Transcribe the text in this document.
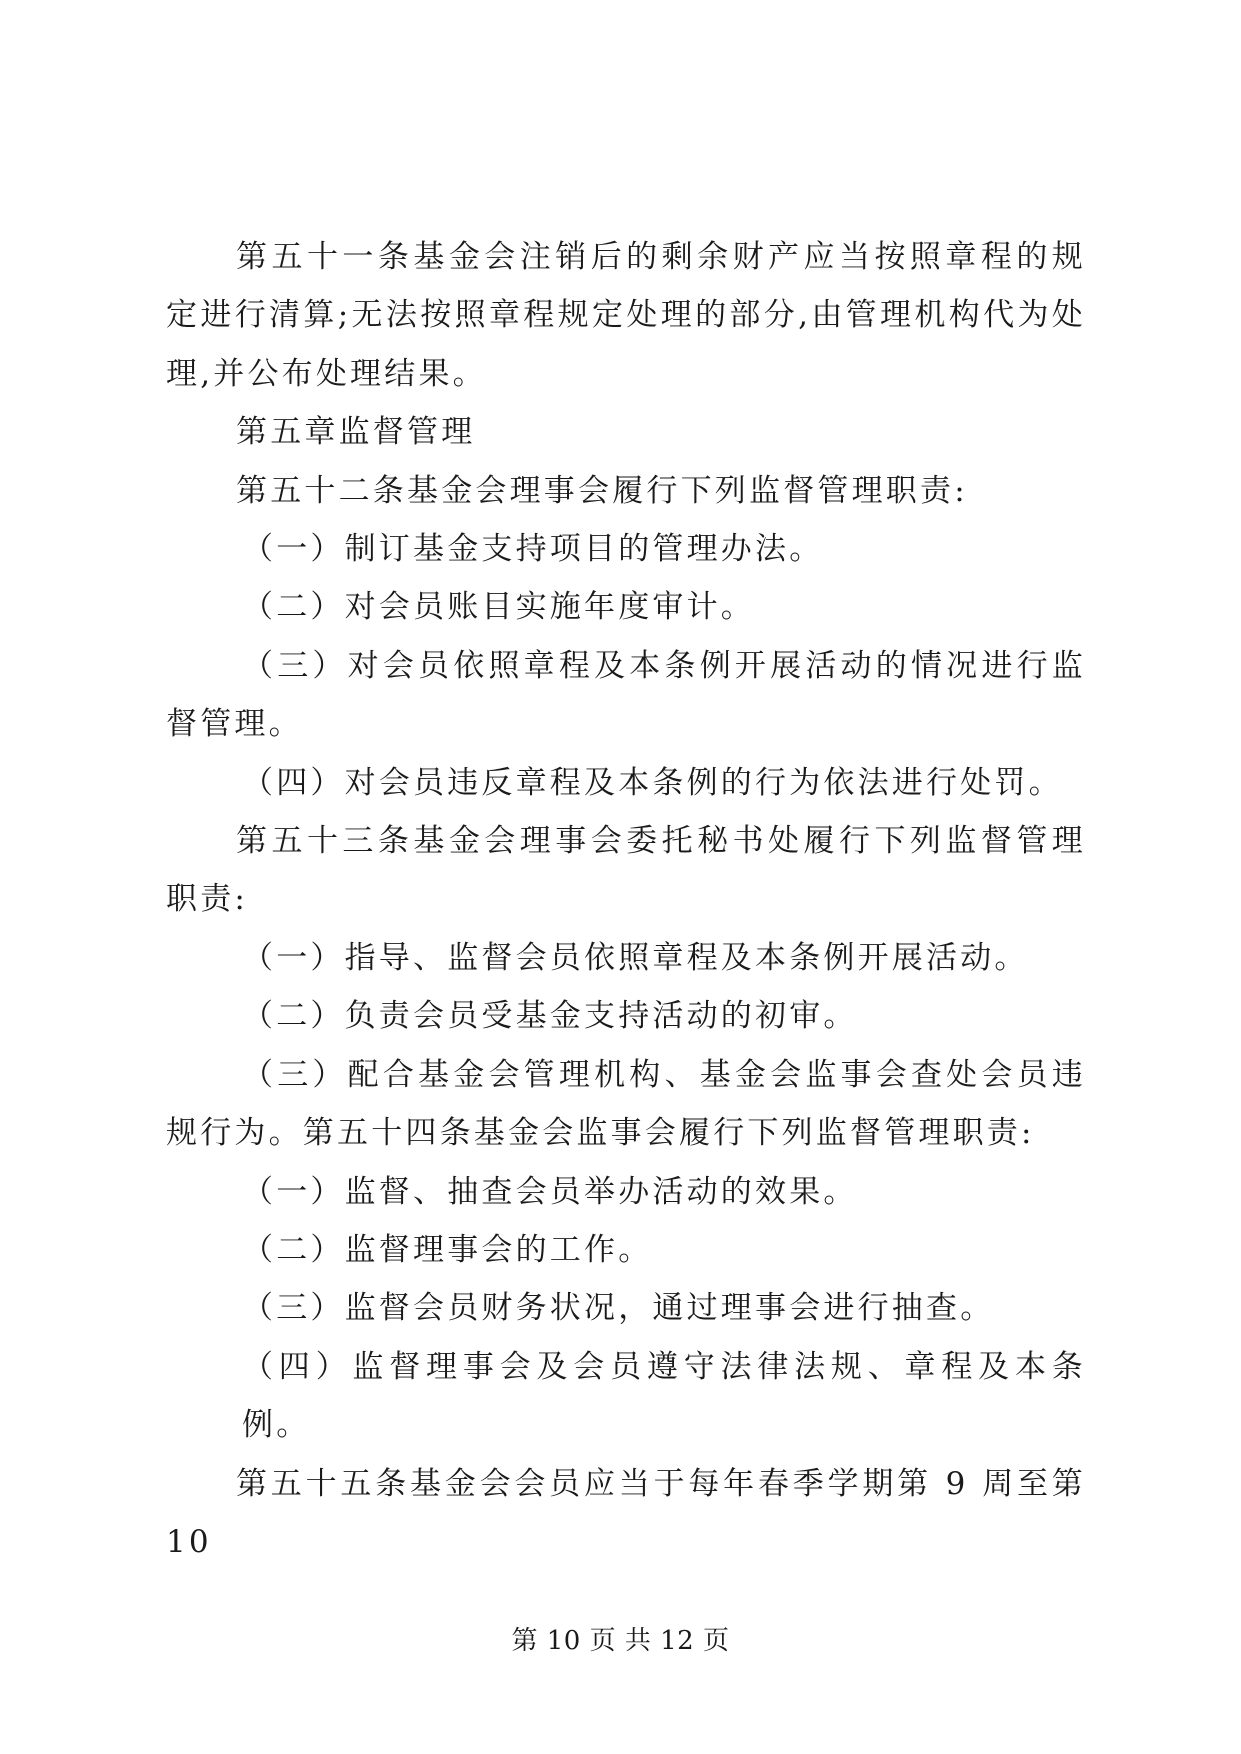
第五十一条基金会注销后的剩余财产应当按照章程的规定进行清算;无法按照章程规定处理的部分,由管理机构代为处理,并公布处理结果。

第五章监督管理

第五十二条基金会理事会履行下列监督管理职责:

（一）制订基金支持项目的管理办法。

（二）对会员账目实施年度审计。

（三）对会员依照章程及本条例开展活动的情况进行监督管理。

（四）对会员违反章程及本条例的行为依法进行处罚。

第五十三条基金会理事会委托秘书处履行下列监督管理职责:

（一）指导、监督会员依照章程及本条例开展活动。

（二）负责会员受基金支持活动的初审。

（三）配合基金会管理机构、基金会监事会查处会员违规行为。第五十四条基金会监事会履行下列监督管理职责:

（一）监督、抽查会员举办活动的效果。

（二）监督理事会的工作。

（三）监督会员财务状况，通过理事会进行抽查。

（四）监督理事会及会员遵守法律法规、章程及本条例。

第五十五条基金会会员应当于每年春季学期第 9 周至第 10

第 10 页 共 12 页
